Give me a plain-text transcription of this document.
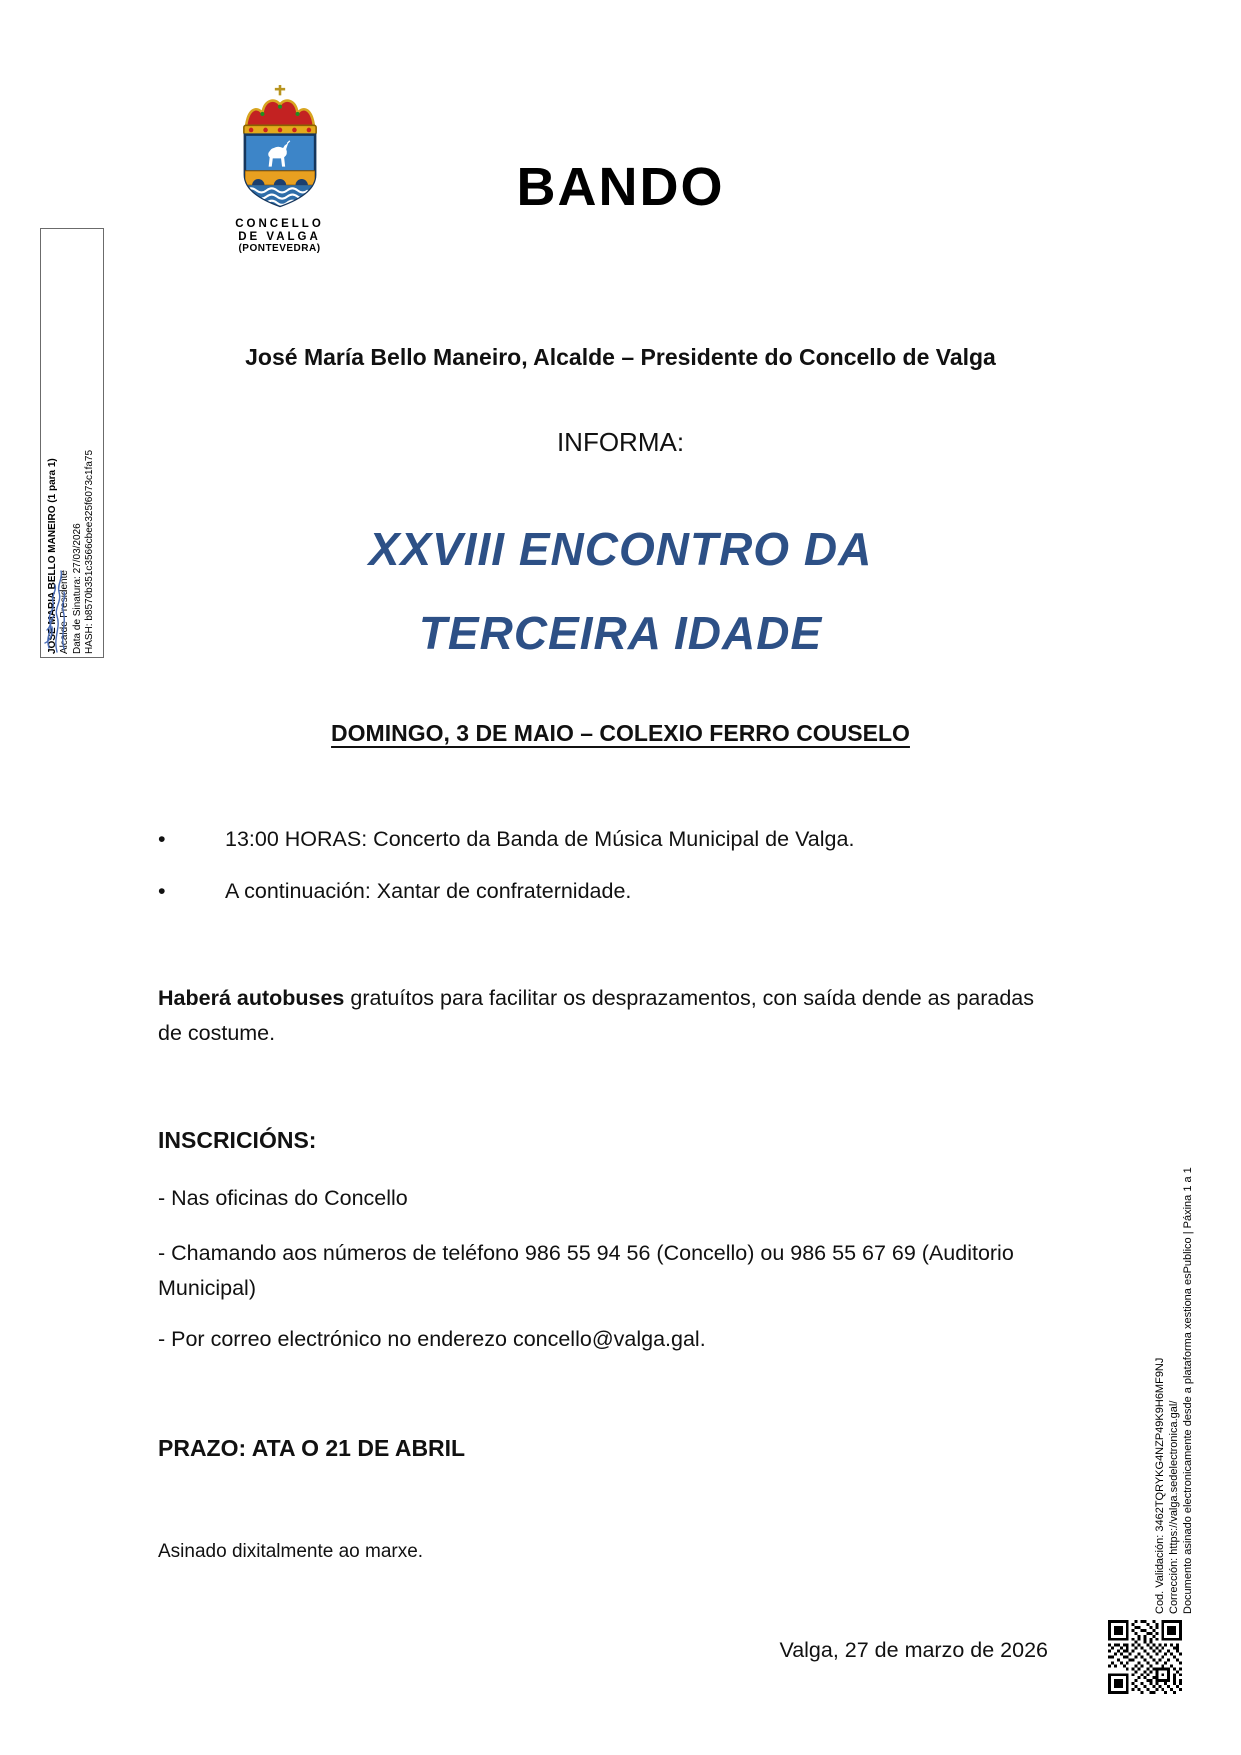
CONCELLO
DE VALGA
(PONTEVEDRA)
BANDO
José María Bello Maneiro, Alcalde – Presidente do Concello de Valga
INFORMA:
XXVIII ENCONTRO DA
TERCEIRA IDADE
DOMINGO, 3 DE MAIO – COLEXIO FERRO COUSELO
•	13:00 HORAS: Concerto da Banda de Música Municipal de Valga.
•	A continuación: Xantar de confraternidade.
Haberá autobuses gratuítos para facilitar os desprazamentos, con saída dende as paradas de costume.
INSCRICIÓNS:
- Nas oficinas do Concello
- Chamando aos números de teléfono 986 55 94 56 (Concello) ou 986 55 67 69 (Auditorio Municipal)
- Por correo electrónico no enderezo concello@valga.gal.
PRAZO: ATA O 21 DE ABRIL
Asinado dixitalmente ao marxe.
Valga, 27 de marzo de 2026
JOSE MARIA BELLO MANEIRO (1 para 1) Alcalde-Presidente Data de Sinatura: 27/03/2026 HASH: b8570b351c3566cbee325f6073c1fa75
Cod. Validación: 3462TQRYKG4NZP49K9H6MF9NJ Corrección: https://valga.sedelectronica.gal/ Documento asinado electronicamente desde a plataforma xestiona esPublico | Páxina 1 a 1
